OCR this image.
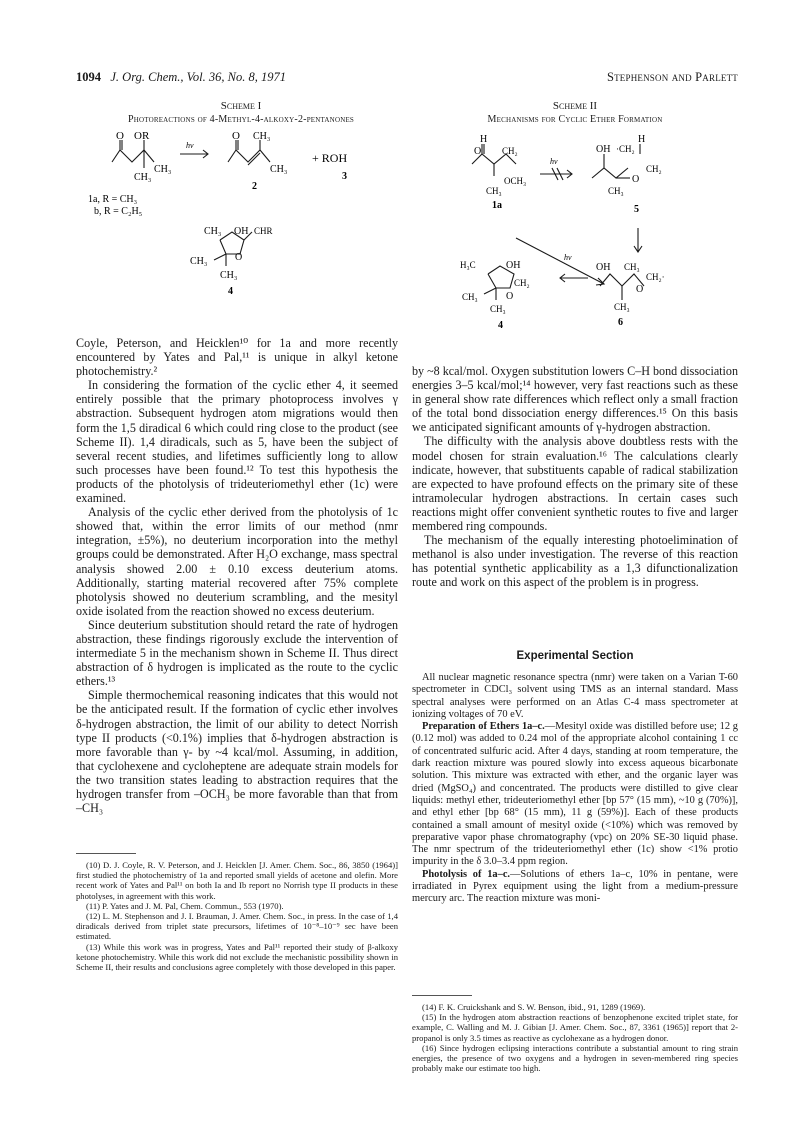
1094 J. Org. Chem., Vol. 36, No. 8, 1971	Stephenson and Parlett
Scheme I
Photoreactions of 4-Methyl-4-alkoxy-2-pentanones
O OR
CH₃
CH₃
hν
O CH₃
CH₃
2
+ ROH
3
1a, R = CH₃
b, R = C₂H₅
CH₃ OH CHR
O
CH₃
CH₃
4
Scheme II
Mechanisms for Cyclic Ether Formation
H
O CH₂
OCH₃
CH₃
1a
hν
H
OH ·CH₂
CH₂
O
CH₃
5
hν
OH CH₃
CH₂·
O
CH₃
6
H₃C	OH
CH₂
O
CH₃
CH₃
4

Coyle, Peterson, and Heicklen¹⁰ for 1a and more recently encountered by Yates and Pal,¹¹ is unique in alkyl ketone photochemistry.²

In considering the formation of the cyclic ether 4, it seemed entirely possible that the primary photoprocess involves γ abstraction. Subsequent hydrogen atom migrations would then form the 1,5 diradical 6 which could ring close to the product (see Scheme II). 1,4 diradicals, such as 5, have been the subject of several recent studies, and lifetimes sufficiently long to allow such processes have been found.¹² To test this hypothesis the products of the photolysis of trideuteriomethyl ether (1c) were examined.

Analysis of the cyclic ether derived from the photolysis of 1c showed that, within the error limits of our method (nmr integration, ±5%), no deuterium incorporation into the methyl groups could be demonstrated. After H₂O exchange, mass spectral analysis showed 2.00 ± 0.10 excess deuterium atoms. Additionally, starting material recovered after 75% complete photolysis showed no deuterium scrambling, and the mesityl oxide isolated from the reaction showed no excess deuterium.

Since deuterium substitution should retard the rate of hydrogen abstraction, these findings rigorously exclude the intervention of intermediate 5 in the mechanism shown in Scheme II. Thus direct abstraction of δ hydrogen is implicated as the route to the cyclic ethers.¹³

Simple thermochemical reasoning indicates that this would not be the anticipated result. If the formation of cyclic ether involves δ-hydrogen abstraction, the limit of our ability to detect Norrish type II products (<0.1%) implies that δ-hydrogen abstraction is more favorable than γ- by ~4 kcal/mol. Assuming, in addition, that cyclohexene and cycloheptene are adequate strain models for the two transition states leading to abstraction requires that the hydrogen transfer from –OCH₃ be more favorable than that from –CH₃

(10) D. J. Coyle, R. V. Peterson, and J. Heicklen [J. Amer. Chem. Soc., 86, 3850 (1964)] first studied the photochemistry of 1a and reported small yields of acetone and olefin. More recent work of Yates and Pal¹¹ on both Ia and Ib report no Norrish type II products in these photolyses, in agreement with this work.

(11) P. Yates and J. M. Pal, Chem. Commun., 553 (1970).

(12) L. M. Stephenson and J. I. Brauman, J. Amer. Chem. Soc., in press. In the case of 1,4 diradicals derived from triplet state precursors, lifetimes of 10⁻⁸–10⁻⁹ sec have been estimated.

(13) While this work was in progress, Yates and Pal¹¹ reported their study of β-alkoxy ketone photochemistry. While this work did not exclude the mechanistic possibility shown in Scheme II, their results and conclusions agree completely with those developed in this paper.

by ~8 kcal/mol. Oxygen substitution lowers C–H bond dissociation energies 3–5 kcal/mol;¹⁴ however, very fast reactions such as these in general show rate differences which reflect only a small fraction of the total bond dissociation energy differences.¹⁵ On this basis we anticipated significant amounts of γ-hydrogen abstraction.

The difficulty with the analysis above doubtless rests with the model chosen for strain evaluation.¹⁶ The calculations clearly indicate, however, that substituents capable of radical stabilization are expected to have profound effects on the primary site of these intramolecular hydrogen abstractions. In certain cases such reactions might offer convenient synthetic routes to five and larger membered ring compounds.

The mechanism of the equally interesting photoelimination of methanol is also under investigation. The reverse of this reaction has potential synthetic applicability as a 1,3 difunctionalization route and work on this aspect of the problem is in progress.

Experimental Section

All nuclear magnetic resonance spectra (nmr) were taken on a Varian T-60 spectrometer in CDCl₃ solvent using TMS as an internal standard. Mass spectral analyses were performed on an Atlas C-4 mass spectrometer at ionizing voltages of 70 eV.

Preparation of Ethers 1a–c.—Mesityl oxide was distilled before use; 12 g (0.12 mol) was added to 0.24 mol of the appropriate alcohol containing 1 cc of concentrated sulfuric acid. After 4 days, standing at room temperature, the dark reaction mixture was poured slowly into excess aqueous bicarbonate solution. This mixture was extracted with ether, and the organic layer was dried (MgSO₄) and concentrated. The products were distilled to give clear liquids: methyl ether, trideuteriomethyl ether [bp 57° (15 mm), ~10 g (70%)], and ethyl ether [bp 68° (15 mm), 11 g (59%)]. Each of these products contained a small amount of mesityl oxide (<10%) which was removed by preparative vapor phase chromatography (vpc) on 20% SE-30 liquid phase. The nmr spectrum of the trideuteriomethyl ether (1c) show <1% protio impurity in the δ 3.0–3.4 ppm region.

Photolysis of 1a–c.—Solutions of ethers 1a–c, 10% in pentane, were irradiated in Pyrex equipment using the light from a medium-pressure mercury arc. The reaction mixture was moni-

(14) F. K. Cruickshank and S. W. Benson, ibid., 91, 1289 (1969).

(15) In the hydrogen atom abstraction reactions of benzophenone excited triplet state, for example, C. Walling and M. J. Gibian [J. Amer. Chem. Soc., 87, 3361 (1965)] report that 2-propanol is only 3.5 times as reactive as cyclohexane as a hydrogen donor.

(16) Since hydrogen eclipsing interactions contribute a substantial amount to ring strain energies, the presence of two oxygens and a hydrogen in seven-membered ring species probably make our estimate too high.
